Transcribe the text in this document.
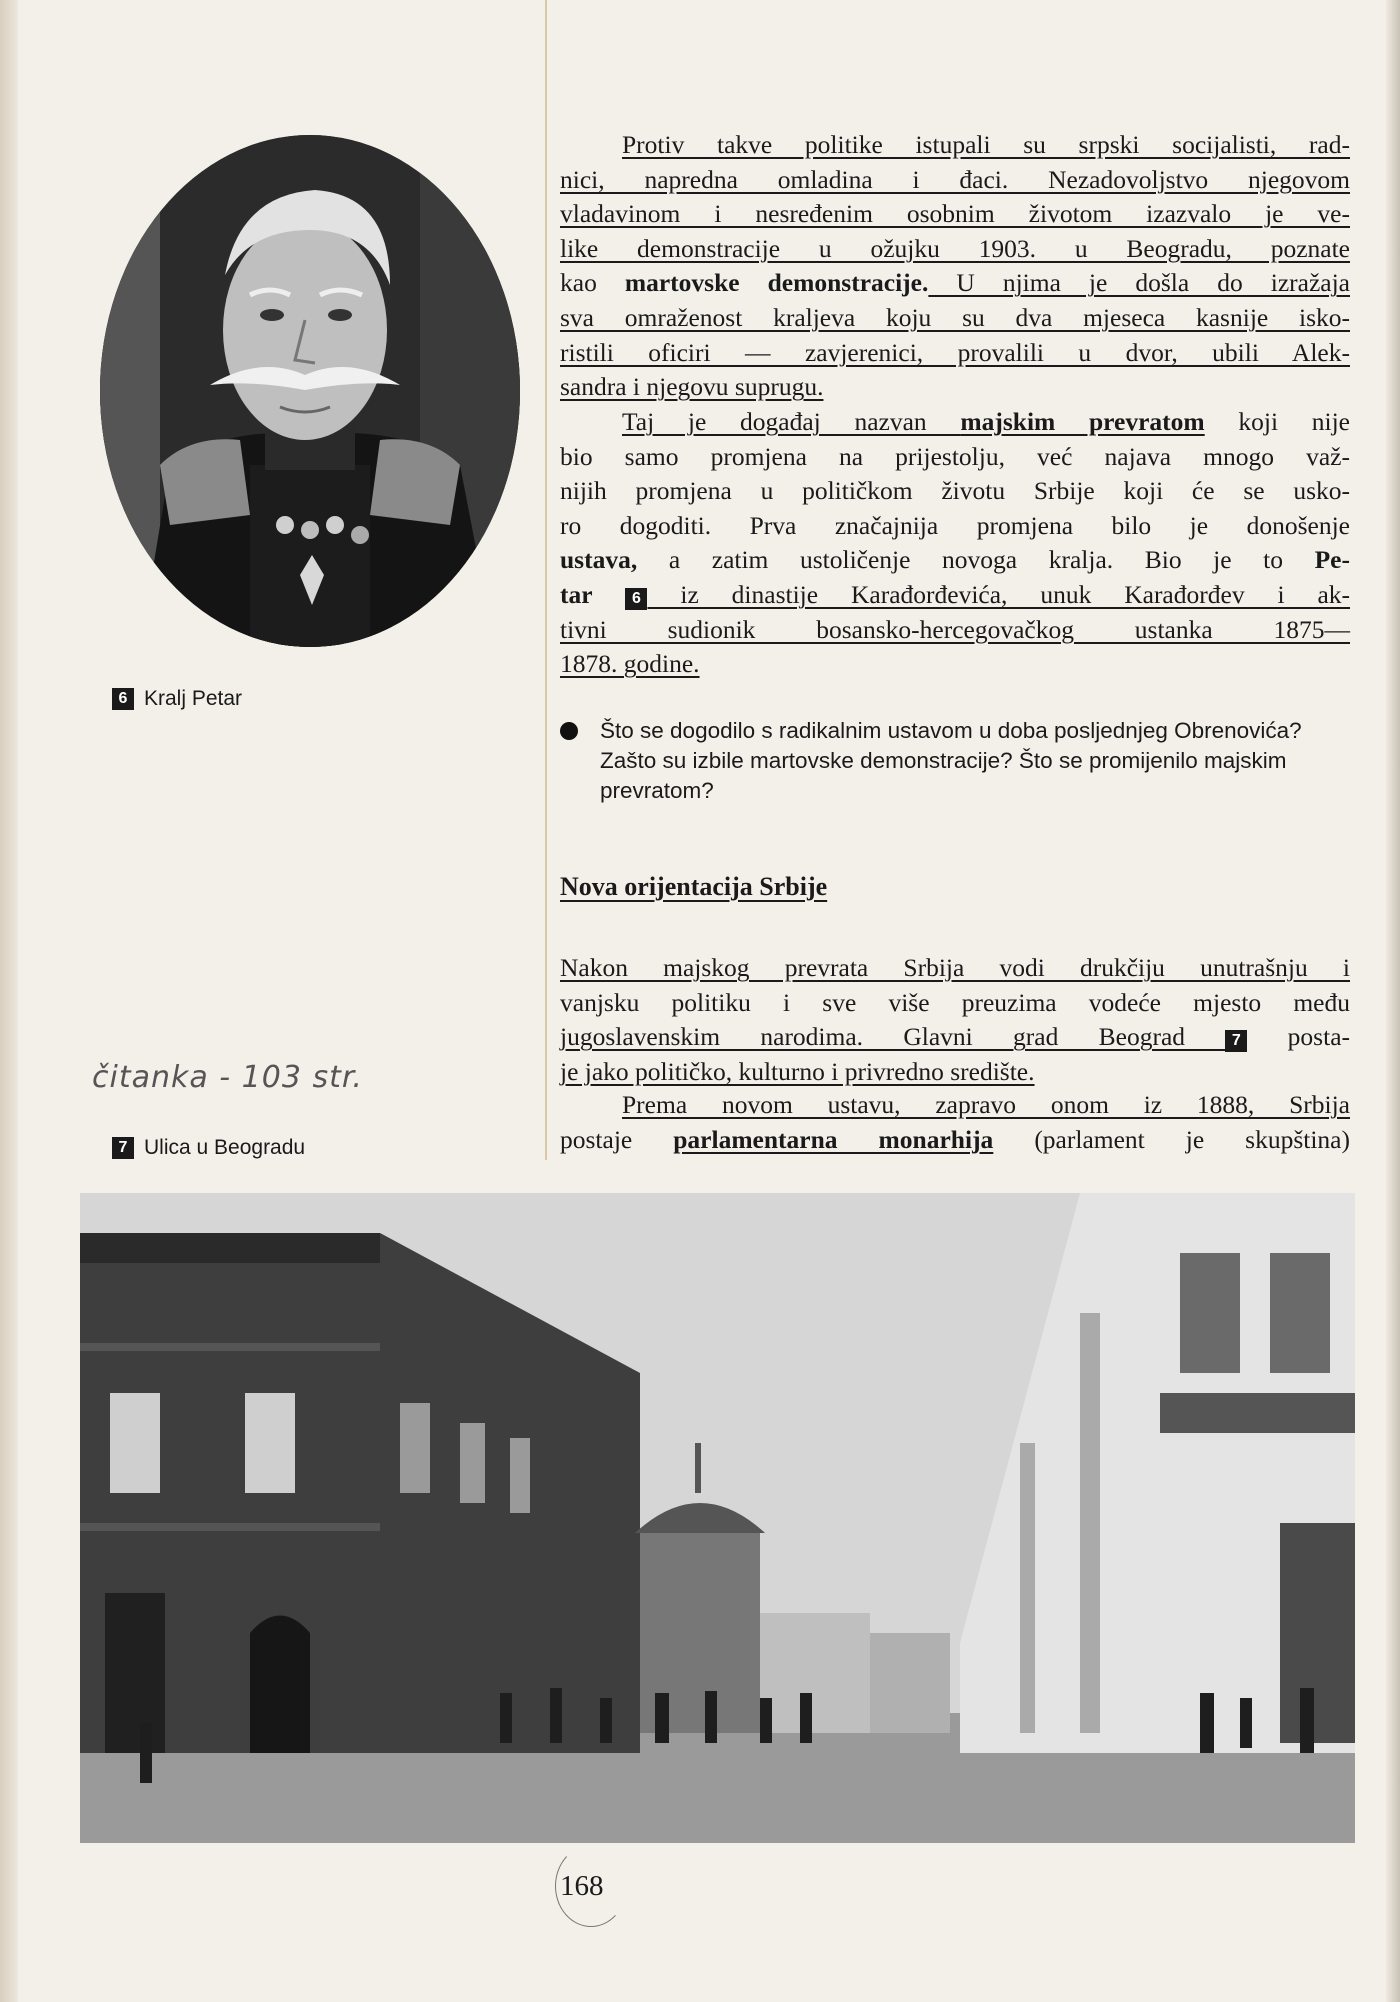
6 Kralj Petar
čitanka - 103 str.
7 Ulica u Beogradu

Protiv takve politike istupali su srpski socijalisti, rad-

nici, napredna omladina i đaci. Nezadovoljstvo njegovom

vladavinom i nesređenim osobnim životom izazvalo je ve-

like demonstracije u ožujku 1903. u Beogradu, poznate

kao martovske demonstracije. U njima je došla do izražaja

sva omraženost kraljeva koju su dva mjeseca kasnije isko-

ristili oficiri — zavjerenici, provalili u dvor, ubili Alek-

sandra i njegovu suprugu.

Taj je događaj nazvan majskim prevratom koji nije

bio samo promjena na prijestolju, već najava mnogo važ-

nijih promjena u političkom životu Srbije koji će se usko-

ro dogoditi. Prva značajnija promjena bilo je donošenje

ustava, a zatim ustoličenje novoga kralja. Bio je to Pe-

tar 6 iz dinastije Karađorđevića, unuk Karađorđev i ak-

tivni sudionik bosansko-hercegovačkog ustanka 1875—

1878. godine.

Što se dogodilo s radikalnim ustavom u doba posljednjeg Obrenovića? Zašto su izbile martovske demonstracije? Što se promijenilo majskim prevratom?
Nova orijentacija Srbije

Nakon majskog prevrata Srbija vodi drukčiju unutrašnju i

vanjsku politiku i sve više preuzima vodeće mjesto među

jugoslavenskim narodima. Glavni grad Beograd 7 posta-

je jako političko, kulturno i privredno središte.

Prema novom ustavu, zapravo onom iz 1888, Srbija

postaje parlamentarna monarhija (parlament je skupština)

168
